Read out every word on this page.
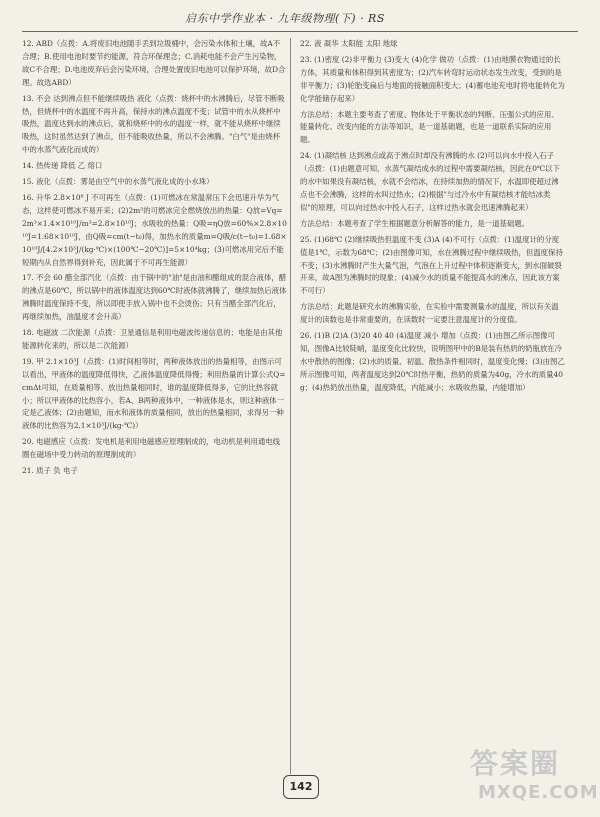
启东中学作业本 · 九年级物理(下) · RS
12. ABD（点拨：A.将废旧电池随手丢到垃圾桶中，会污染水体和土壤，故A不合理；B.使用电池时要节约能源，符合环保理念；C.消耗电能不会产生污染物，故C不合理；D.电池废弃后会污染环境，合理处置废旧电池可以保护环境，故D合理。故选ABD）
13. 不会 达到沸点但不能继续吸热 液化（点拨：烧杯中的水沸腾后，尽管不断吸热，但烧杯中的水温度不再升高，保持水的沸点温度不变；试管中的水从烧杯中吸热，温度达到水的沸点后，就和烧杯中的水的温度一样，就不能从烧杯中继续吸热，这时虽然达到了沸点，但不能吸收热量，所以不会沸腾。"白气"是由烧杯中的水蒸气液化而成的）
14. 热传递 降低 乙 熔口
15. 液化（点拨：雾是由空气中的水蒸气液化成的小水珠）
16. 升华 2.8×10⁸ J 不可再生（点拨：(1)可燃冰在常温常压下会迅速升华为气态，这样使可燃冰不易开采；(2)2m³的可燃冰完全燃烧放出的热量：Q放=Vq=2m³×1.4×10¹⁰J/m³=2.8×10¹⁰J；水吸收的热量：Q吸=ηQ放=60%×2.8×10¹⁰J=1.68×10¹⁰J，由Q吸=cm(t−t₀)得，加热水的质量m=Q吸/c(t−t₀)=1.68×10¹⁰J/[4.2×10³J/(kg·℃)×(100℃−20℃)]=5×10⁴kg；(3)可燃冰用完后不能短期内从自然界得到补充，因此属于不可再生能源）
17. 不会 60 醋全部汽化（点拨：由于锅中的"油"是由油和醋组成的混合液体，醋的沸点是60℃，所以锅中的液体温度达到60℃时液体就沸腾了，继续加热后液体沸腾时温度保持不变，所以即使手放入锅中也不会烫伤；只有当醋全部汽化后，再继续加热，油温度才会升高）
18. 电磁波 二次能源（点拨：卫星通信是利用电磁波传递信息的；电能是由其他能源转化来的，所以是二次能源）
19. 甲 2.1×10³J（点拨：(1)时间相等时，两种液体放出的热量相等，由图示可以看出，甲液体的温度降低得快，乙液体温度降低得慢；利用热量的计算公式Q=cmΔt可知，在质量相等、放出热量相同时，谁的温度降低得多，它的比热容就小；所以甲液体的比热容小，若A、B两种液体中，一种液体是水，则这种液体一定是乙液体；(2)由题知，而水和液体的质量相同，放出的热量相同，求得另一种液体的比热容为2.1×10³J/(kg·℃)）
20. 电磁感应（点拨：发电机是利用电磁感应原理制成的，电动机是利用通电线圈在磁场中受力转动的原理制成的）
21. 质子 负 电子
22. 液 凝华 太阳能 太阳 地球
23. (1)密度 (2)非平衡力 (3)变大 (4)化学 做功（点拨：(1)由地膜衣物通过的长方体，其质量和体积得到其密度为；(2)汽车转弯时运动状态发生改变，受到的是非平衡力；(3)轮胎变扁后与地面的接触面积变大；(4)蓄电池充电时将电能转化为化学能储存起来）
方法总结：本题主要考查了密度、物体处于平衡状态的判断、压强公式的应用、能量转化、改变内能的方法等知识，是一道基础题，也是一道联系实际的应用题。
24. (1)凝结核 达到沸点或高于沸点时却没有沸腾的水 (2)可以向水中投入石子（点拨：(1)由题意可知，水蒸气凝结成水的过程中需要凝结核，因此在0℃以下的水中如果没有凝结核，水就不会结冰，在持续加热的情况下，水温即使超过沸点也不会沸腾，这样的水叫过热水；(2)根据"与过冷水中有凝结核才能结冰类似"的原理，可以向过热水中投入石子，这样过热水就会迅速沸腾起来）
方法总结：本题考查了学生根据题意分析解答的能力，是一道基础题。
25. (1)68℃ (2)继续吸热但温度不变 (3)A (4)不可行（点拨：(1)温度计的分度值是1℃，示数为68℃；(2)由图像可知，水在沸腾过程中继续吸热，但温度保持不变；(3)水沸腾时产生大量气泡，气泡在上升过程中体积逐渐变大，到水面破裂开来，故A图为沸腾时的现象；(4)减少水的质量不能提高水的沸点，因此该方案不可行）
方法总结：此题是研究水的沸腾实验，在实验中需要测量水的温度，所以有关温度计的读数也是非常重要的，在读数时一定要注意温度计的分度值。
26. (1)B (2)A (3)20 40 40 (4)温度 减小 增加（点拨：(1)由图乙所示图像可知，图像A比较陡峭，温度变化比较快，说明图甲中的B是装有热奶的奶瓶放在冷水中散热的图像；(2)水的质量、初温、散热条件相同时，温度变化慢；(3)由图乙所示图像可知，两者温度达到20℃时热平衡，热奶的质量为40g，冷水的质量40g；(4)热奶放出热量，温度降低，内能减小；水吸收热量，内能增加）
142
答案圈
MXQE.COM
